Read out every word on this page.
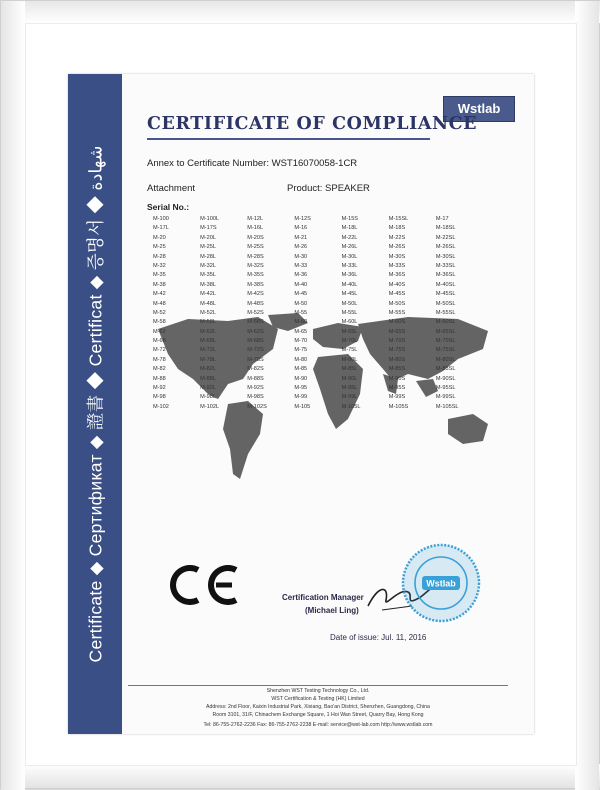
Certificate ◆ Сертификат ◆ 證書 ◆ Certificat ◆ 증명서 ◆ شهادة
Wstlab
CERTIFICATE OF COMPLIANCE
Annex to Certificate Number: WST16070058-1CR
Attachment	Product: SPEAKER
Serial No.:
M-100	M-100L	M-12L	M-12S	M-15S	M-15SL	M-17
M-17L	M-17S	M-16L	M-16	M-18L	M-18S	M-18SL
M-20	M-20L	M-20S	M-21	M-22L	M-22S	M-22SL
M-25	M-25L	M-25S	M-26	M-26L	M-26S	M-26SL
M-28	M-28L	M-28S	M-30	M-30L	M-30S	M-30SL
M-32	M-32L	M-32S	M-33	M-33L	M-33S	M-33SL
M-35	M-35L	M-35S	M-36	M-36L	M-36S	M-36SL
M-38	M-38L	M-38S	M-40	M-40L	M-40S	M-40SL
M-42	M-42L	M-42S	M-45	M-45L	M-45S	M-45SL
M-48	M-48L	M-48S	M-50	M-50L	M-50S	M-50SL
M-52	M-52L	M-52S	M-55	M-55L	M-55S	M-55SL
M-58	M-58L	M-58S	M-60	M-60L	M-60S	M-60SL
M-62	M-62L	M-62S	M-65	M-65L	M-65S	M-65SL
M-68	M-68L	M-68S	M-70	M-70L	M-70S	M-70SL
M-72	M-72L	M-72S	M-75	M-75L	M-75S	M-75SL
M-78	M-78L	M-78S	M-80	M-80L	M-80S	M-80SL
M-82	M-82L	M-82S	M-85	M-85L	M-85S	M-85SL
M-88	M-88L	M-88S	M-90	M-90L	M-90S	M-90SL
M-92	M-92L	M-92S	M-95	M-95L	M-95S	M-95SL
M-98	M-98L	M-98S	M-99	M-99L	M-99S	M-99SL
M-102	M-102L	M-102S	M-105	M-105L	M-105S	M-105SL
Certification Manager
(Michael Ling)
Wstlab
Date of issue: Jul. 11, 2016
Shenzhen WST Testing Technology Co., Ltd.
WST Certification & Testing (HK) Limited
Address: 2nd Floor, Kaixin Industrial Park, Xixiang, Bao'an District, Shenzhen, Guangdong, China
Room 3101, 31/F, Chinachem Exchange Square, 1 Hoi Wan Street, Quarry Bay, Hong Kong
Tel: 86-755-2762-2236 Fax: 86-755-2762-2238 E-mail: service@wst-lab.com http://www.wstlab.com
